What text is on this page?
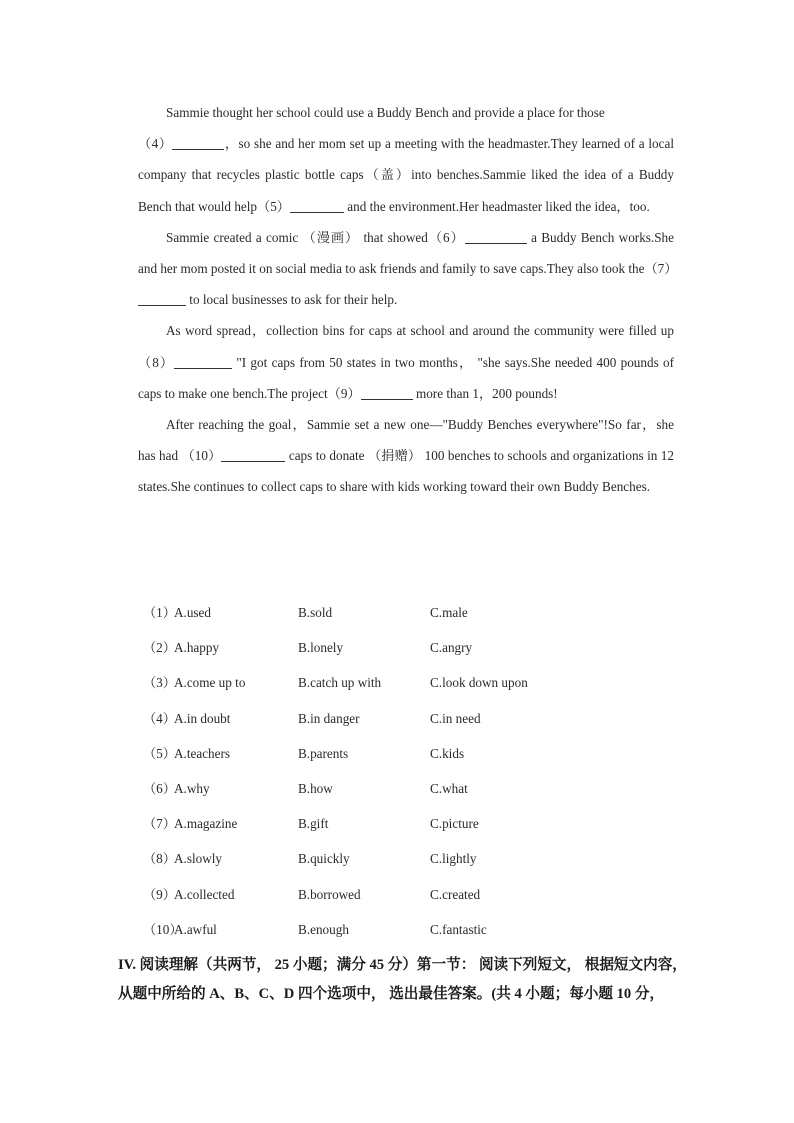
Sammie thought her school could use a Buddy Bench and provide a place for those
（4）	，so she and her mom set up a meeting with the headmaster.They learned of a local company that recycles plastic bottle caps（盖）into benches.Sammie liked the idea of a Buddy Bench that would help（5）	and the environment.Her headmaster liked the idea，too.
Sammie created a comic （漫画） that showed（6）	a Buddy Bench works.She and her mom posted it on social media to ask friends and family to save caps.They also took the（7） to local businesses to ask for their help.
As word spread，collection bins for caps at school and around the community were filled up（8）	"I got caps from 50 states in two months， "she says.She needed 400 pounds of caps to make one bench.The project（9）	more than 1，200 pounds!
After reaching the goal，Sammie set a new one—"Buddy Benches everywhere"!So far，she has had （10）	caps to donate （捐赠） 100 benches to schools and organizations in 12 states.She continues to collect caps to share with kids working toward their own Buddy Benches.
（1）
A.used	B.sold	C.male
（2）
A.happy	B.lonely	C.angry
（3）
A.come up to	B.catch up with	C.look down upon
（4）
A.in doubt	B.in danger	C.in need
（5）
A.teachers	B.parents	C.kids
（6）
A.why	B.how	C.what
（7）
A.magazine	B.gift	C.picture
（8）
A.slowly	B.quickly	C.lightly
（9）
A.collected	B.borrowed	C.created
（10）
A.awful	B.enough	C.fantastic
IV. 阅读理解（共两节， 25 小题；满分 45 分）第一节： 阅读下列短文， 根据短文内容，
从题中所给的 A、B、C、D 四个选项中， 选出最佳答案。(共 4 小题；每小题 10 分，
